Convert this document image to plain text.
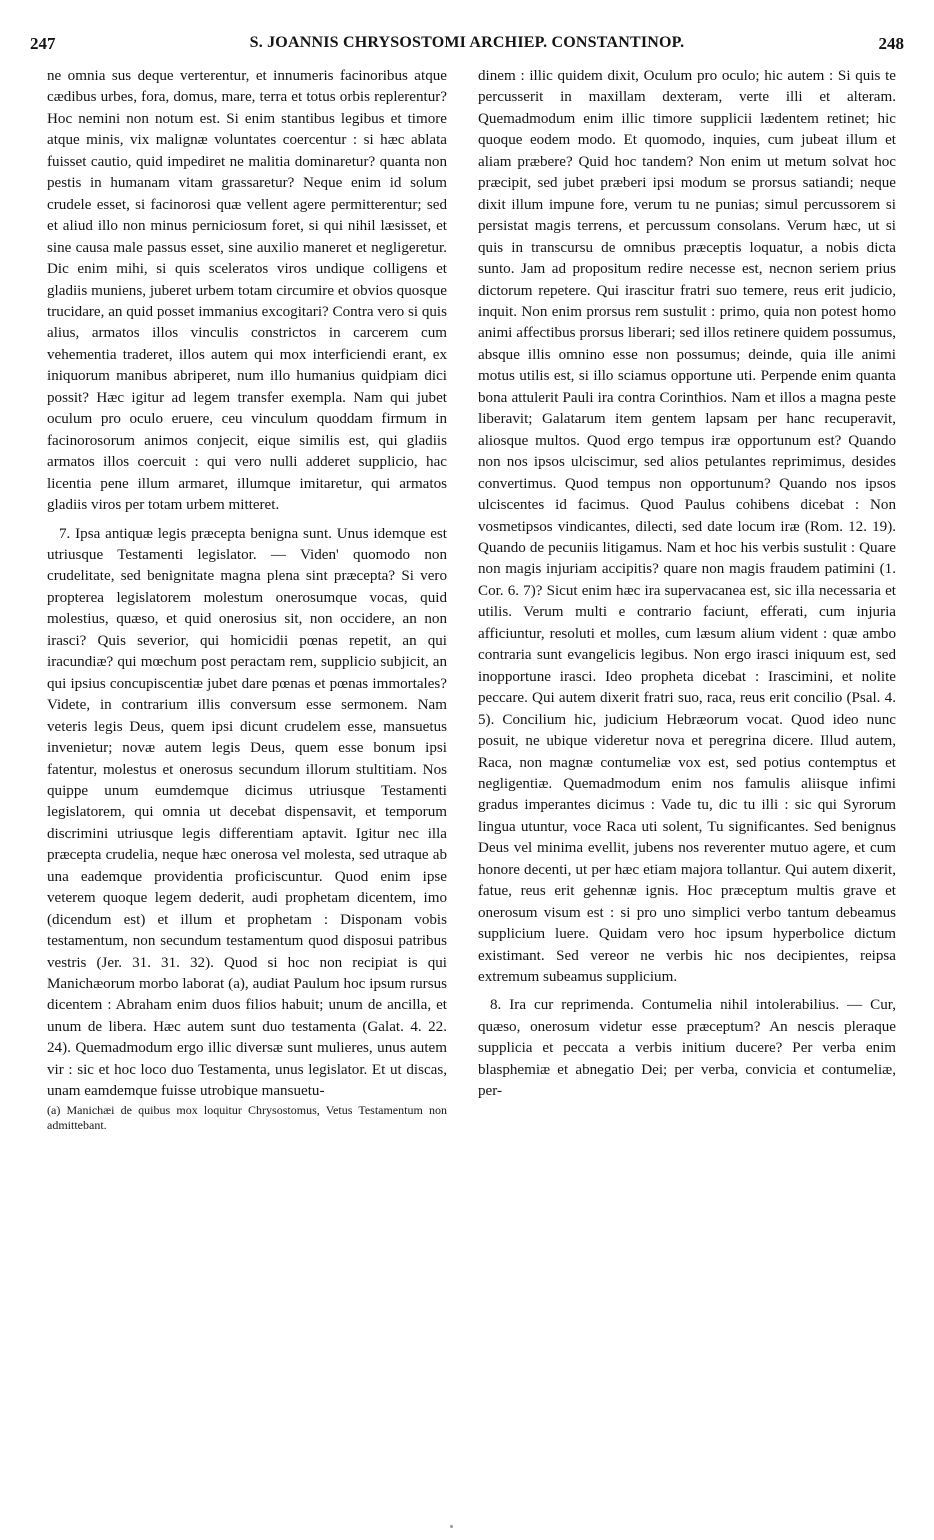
247	S. JOANNIS CHRYSOSTOMI ARCHIEP. CONSTANTINOP.	248

ne omnia sus deque verterentur, et innumeris facinoribus atque cædibus urbes, fora, domus, mare, terra et totus orbis replerentur? Hoc nemini non notum est. Si enim stantibus legibus et timore atque minis, vix malignæ voluntates coercentur : si hæc ablata fuisset cautio, quid impediret ne malitia dominaretur? quanta non pestis in humanam vitam grassaretur? Neque enim id solum crudele esset, si facinorosi quæ vellent agere permitterentur; sed et aliud illo non minus perniciosum foret, si qui nihil læsisset, et sine causa male passus esset, sine auxilio maneret et negligeretur. Dic enim mihi, si quis sceleratos viros undique colligens et gladiis muniens, juberet urbem totam circumire et obvios quosque trucidare, an quid posset immanius excogitari? Contra vero si quis alius, armatos illos vinculis constrictos in carcerem cum vehementia traderet, illos autem qui mox interficiendi erant, ex iniquorum manibus abriperet, num illo humanius quidpiam dici possit? Hæc igitur ad legem transfer exempla. Nam qui jubet oculum pro oculo eruere, ceu vinculum quoddam firmum in facinorosorum animos conjecit, eique similis est, qui gladiis armatos illos coercuit : qui vero nulli adderet supplicio, hac licentia pene illum armaret, illumque imitaretur, qui armatos gladiis viros per totam urbem mitteret.

7. Ipsa antiquæ legis præcepta benigna sunt. Unus idemque est utriusque Testamenti legislator. — Viden' quomodo non crudelitate, sed benignitate magna plena sint præcepta? Si vero propterea legislatorem molestum onerosumque vocas, quid molestius, quæso, et quid onerosius sit, non occidere, an non irasci? Quis severior, qui homicidii pœnas repetit, an qui iracundiæ? qui mœchum post peractam rem, supplicio subjicit, an qui ipsius concupiscentiæ jubet dare pœnas et pœnas immortales? Videte, in contrarium illis conversum esse sermonem. Nam veteris legis Deus, quem ipsi dicunt crudelem esse, mansuetus invenietur; novæ autem legis Deus, quem esse bonum ipsi fatentur, molestus et onerosus secundum illorum stultitiam. Nos quippe unum eumdemque dicimus utriusque Testamenti legislatorem, qui omnia ut decebat dispensavit, et temporum discrimini utriusque legis differentiam aptavit. Igitur nec illa præcepta crudelia, neque hæc onerosa vel molesta, sed utraque ab una eademque providentia proficiscuntur. Quod enim ipse veterem quoque legem dederit, audi prophetam dicentem, imo (dicendum est) et illum et prophetam : Disponam vobis testamentum, non secundum testamentum quod disposui patribus vestris (Jer. 31. 31. 32). Quod si hoc non recipiat is qui Manichæorum morbo laborat (a), audiat Paulum hoc ipsum rursus dicentem : Abraham enim duos filios habuit; unum de ancilla, et unum de libera. Hæc autem sunt duo testamenta (Galat. 4. 22. 24). Quemadmodum ergo illic diversæ sunt mulieres, unus autem vir : sic et hoc loco duo Testamenta, unus legislator. Et ut discas, unam eamdemque fuisse utrobique mansuetu-

(a) Manichæi de quibus mox loquitur Chrysostomus, Vetus Testamentum non admittebant.

dinem : illic quidem dixit, Oculum pro oculo; hic autem : Si quis te percusserit in maxillam dexteram, verte illi et alteram. Quemadmodum enim illic timore supplicii lædentem retinet; hic quoque eodem modo. Et quomodo, inquies, cum jubeat illum et aliam præbere? Quid hoc tandem? Non enim ut metum solvat hoc præcipit, sed jubet præberi ipsi modum se prorsus satiandi; neque dixit illum impune fore, verum tu ne punias; simul percussorem si persistat magis terrens, et percussum consolans. Verum hæc, ut si quis in transcursu de omnibus præceptis loquatur, a nobis dicta sunto. Jam ad propositum redire necesse est, necnon seriem prius dictorum repetere. Qui irascitur fratri suo temere, reus erit judicio, inquit. Non enim prorsus rem sustulit : primo, quia non potest homo animi affectibus prorsus liberari; sed illos retinere quidem possumus, absque illis omnino esse non possumus; deinde, quia ille animi motus utilis est, si illo sciamus opportune uti. Perpende enim quanta bona attulerit Pauli ira contra Corinthios. Nam et illos a magna peste liberavit; Galatarum item gentem lapsam per hanc recuperavit, aliosque multos. Quod ergo tempus iræ opportunum est? Quando non nos ipsos ulciscimur, sed alios petulantes reprimimus, desides convertimus. Quod tempus non opportunum? Quando nos ipsos ulciscentes id facimus. Quod Paulus cohibens dicebat : Non vosmetipsos vindicantes, dilecti, sed date locum iræ (Rom. 12. 19). Quando de pecuniis litigamus. Nam et hoc his verbis sustulit : Quare non magis injuriam accipitis? quare non magis fraudem patimini (1. Cor. 6. 7)? Sicut enim hæc ira supervacanea est, sic illa necessaria et utilis. Verum multi e contrario faciunt, efferati, cum injuria afficiuntur, resoluti et molles, cum læsum alium vident : quæ ambo contraria sunt evangelicis legibus. Non ergo irasci iniquum est, sed inopportune irasci. Ideo propheta dicebat : Irascimini, et nolite peccare. Qui autem dixerit fratri suo, raca, reus erit concilio (Psal. 4. 5). Concilium hic, judicium Hebræorum vocat. Quod ideo nunc posuit, ne ubique videretur nova et peregrina dicere. Illud autem, Raca, non magnæ contumeliæ vox est, sed potius contemptus et negligentiæ. Quemadmodum enim nos famulis aliisque infimi gradus imperantes dicimus : Vade tu, dic tu illi : sic qui Syrorum lingua utuntur, voce Raca uti solent, Tu significantes. Sed benignus Deus vel minima evellit, jubens nos reverenter mutuo agere, et cum honore decenti, ut per hæc etiam majora tollantur. Qui autem dixerit, fatue, reus erit gehennæ ignis. Hoc præceptum multis grave et onerosum visum est : si pro uno simplici verbo tantum debeamus supplicium luere. Quidam vero hoc ipsum hyperbolice dictum existimant. Sed vereor ne verbis hic nos decipientes, reipsa extremum subeamus supplicium.

8. Ira cur reprimenda. Contumelia nihil intolerabilius. — Cur, quæso, onerosum videtur esse præceptum? An nescis pleraque supplicia et peccata a verbis initium ducere? Per verba enim blasphemiæ et abnegatio Dei; per verba, convicia et contumeliæ, per-
